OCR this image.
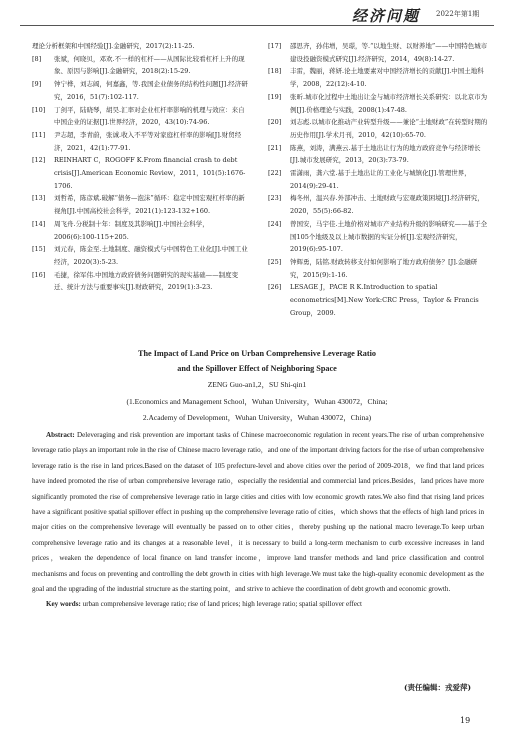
经济问题 2022年第1期
理论分析框架和中国经验[J].金融研究，2017(2):11-25.
[8] 张斌，何晓贝，邓欢.不一样的杠杆——从国际比较看杠杆上升的现象、原因与影响[J].金融研究，2018(2):15-29.
[9] 钟宁桦，刘志阔，何嘉鑫，等.我国企业债务的结构性问题[J].经济研究，2016，51(7):102-117.
[10] 丁剑平，陆晓琴，胡昊.汇率对企业杠杆率影响的机理与效应：来自中国企业的证据[J].世界经济，2020，43(10):74-96.
[11] 尹志超，李青蔚，张诚.收入不平等对家庭杠杆率的影响[J].财贸经济，2021，42(1):77-91.
[12] REINHART C，ROGOFF K.From financial crash to debt crisis[J].American Economic Review，2011，101(5):1676-1706.
[13] 刘哲希，陈彦斌.破解“债务—泡沫”循环：稳定中国宏观杠杆率的新视角[J].中国高校社会科学，2021(1):123-132+160.
[14] 周飞舟.分税制十年：制度及其影响[J].中国社会科学，2006(6):100-115+205.
[15] 刘元春，陈金至.土地制度、融资模式与中国特色工业化[J].中国工业经济，2020(3):5-23.
[16] 毛捷，徐军伟.中国地方政府债务问题研究的现实基础——制度变迁、统计方法与重要事实[J].财政研究，2019(1):3-23.
[17] 邵思齐，孙伟增，吴璟，等.“以地生财、以财养地”——中国特色城市建设投融资模式研究[J].经济研究，2014，49(8):14-27.
[18] 丰雷，魏丽，蒋妍.论土地要素对中国经济增长的贡献[J].中国土地科学，2008，22(12):4-10.
[19] 张昕.城市化过程中土地出让金与城市经济增长关系研究：以北京市为例[J].价格理论与实践，2008(1):47-48.
[20] 刘志彪.以城市化推动产业转型升级——兼论“土地财政”在转型时期的历史作用[J].学术月刊，2010，42(10):65-70.
[21] 陈燕，刘涛，满燕云.基于土地出让行为的地方政府竞争与经济增长[J].城市发展研究，2013，20(3):73-79.
[22] 雷潇雨，龚六堂.基于土地出让的工业化与城镇化[J].管理世界，2014(9):29-41.
[23] 梅冬州，温兴春.外部冲击、土地财政与宏观政策困境[J].经济研究，2020，55(5):66-82.
[24] 曾国安，马宇佳.土地价格对城市产业结构升级的影响研究——基于全国105个地级及以上城市数据的实证分析[J].宏观经济研究，2019(6):95-107.
[25] 钟辉勇，陆铭.财政转移支付如何影响了地方政府债务？[J].金融研究，2015(9):1-16.
[26] LESAGE J，PACE R K.Introduction to spatial econometrics[M].New York:CRC Press，Taylor & Francis Group，2009.
The Impact of Land Price on Urban Comprehensive Leverage Ratio
and the Spillover Effect of Neighboring Space
ZENG Guo-an1,2，SU Shi-qin1
(1.Economics and Management School，Wuhan University，Wuhan 430072，China;
2.Academy of Development，Wuhan University，Wuhan 430072，China)

Abstract: Deleveraging and risk prevention are important tasks of Chinese macroeconomic regulation in recent years.The rise of urban comprehensive leverage ratio plays an important role in the rise of Chinese macro leverage ratio，and one of the important driving factors for the rise of urban comprehensive leverage ratio is the rise in land prices.Based on the dataset of 105 prefecture-level and above cities over the period of 2009-2018，we find that land prices have indeed promoted the rise of urban comprehensive leverage ratio，especially the residential and commercial land prices.Besides，land prices have more significantly promoted the rise of comprehensive leverage ratio in large cities and cities with low economic growth rates.We also find that rising land prices have a significant positive spatial spillover effect in pushing up the comprehensive leverage ratio of cities，which shows that the effects of high land prices in major cities on the comprehensive leverage will eventually be passed on to other cities，thereby pushing up the national macro leverage.To keep urban comprehensive leverage ratio and its changes at a reasonable level，it is necessary to build a long-term mechanism to curb excessive increases in land prices，weaken the dependence of local finance on land transfer income，improve land transfer methods and land price classification and control mechanisms and focus on preventing and controlling the debt growth in cities with high leverage.We must take the high-quality economic development as the goal and the upgrading of the industrial structure as the starting point，and strive to achieve the coordination of debt growth and economic growth.

Key words: urban comprehensive leverage ratio; rise of land prices; high leverage ratio; spatial spillover effect

(责任编辑：戎爱萍)
19
